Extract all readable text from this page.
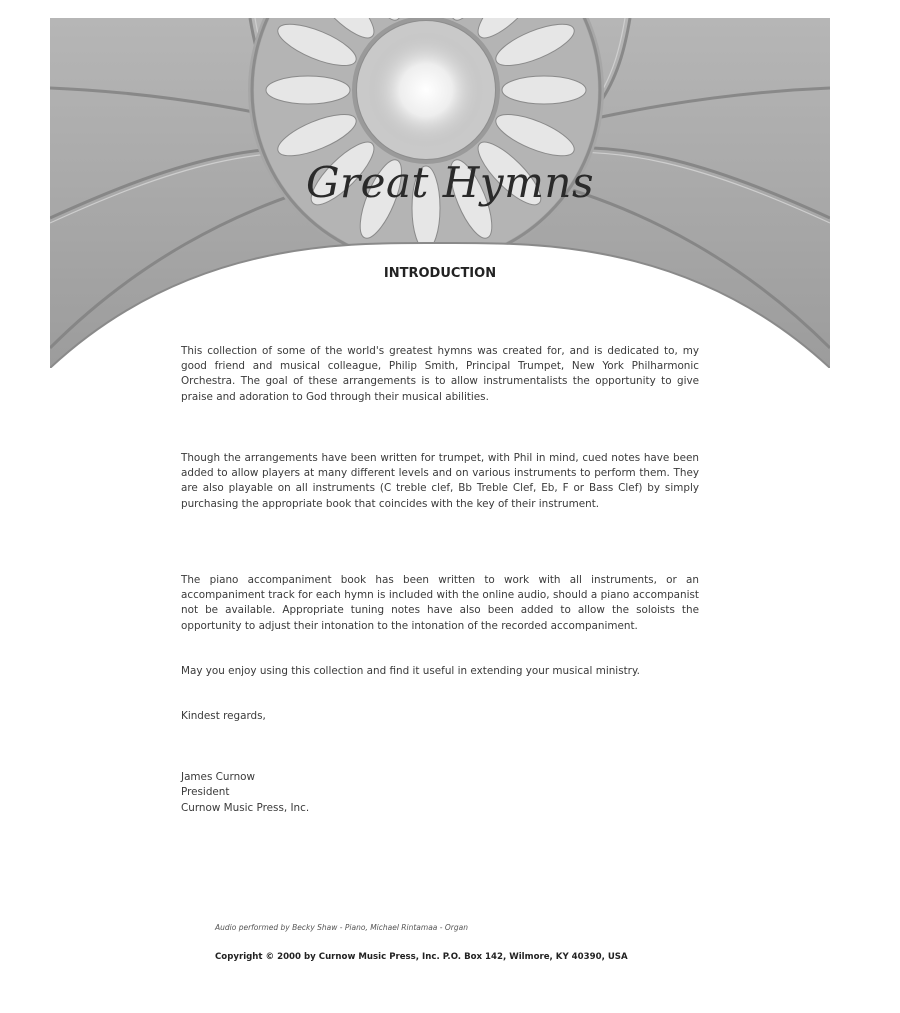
Great Hymns
INTRODUCTION

This collection of some of the world's greatest hymns was created for, and is dedicated to, my good friend and musical colleague, Philip Smith, Principal Trumpet, New York Philharmonic Orchestra. The goal of these arrangements is to allow instrumentalists the opportunity to give praise and adoration to God through their musical abilities.

Though the arrangements have been written for trumpet, with Phil in mind, cued notes have been added to allow players at many different levels and on various instruments to perform them. They are also playable on all instruments (C treble clef, Bb Treble Clef, Eb, F or Bass Clef) by simply purchasing the appropriate book that coincides with the key of their instrument.

The piano accompaniment book has been written to work with all instruments, or an accompaniment track for each hymn is included with the online audio, should a piano accompanist not be available. Appropriate tuning notes have also been added to allow the soloists the opportunity to adjust their intonation to the intonation of the recorded accompaniment.

May you enjoy using this collection and find it useful in extending your musical ministry.

Kindest regards,

James Curnow
President
Curnow Music Press, Inc.
Audio performed by Becky Shaw - Piano, Michael Rintamaa - Organ
Copyright © 2000 by Curnow Music Press, Inc. P.O. Box 142, Wilmore, KY 40390, USA
